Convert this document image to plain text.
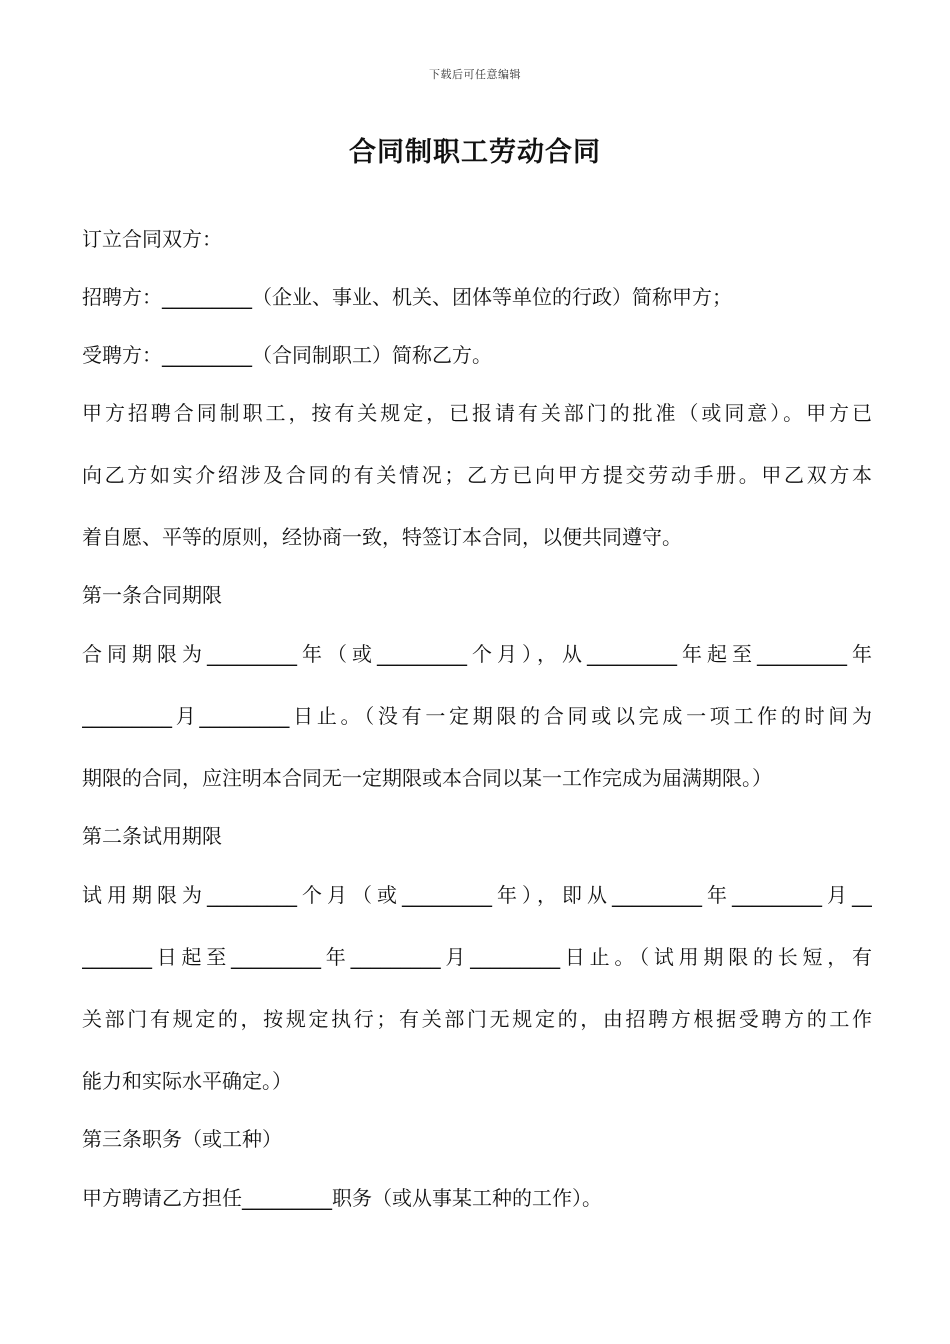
下载后可任意编辑
合同制职工劳动合同

订立合同双方：

招聘方：_________（企业、事业、机关、团体等单位的行政）简称甲方；

受聘方：_________（合同制职工）简称乙方。

甲方招聘合同制职工，按有关规定，已报请有关部门的批准（或同意）。甲方已

向乙方如实介绍涉及合同的有关情况；乙方已向甲方提交劳动手册。甲乙双方本

着自愿、平等的原则，经协商一致，特签订本合同，以便共同遵守。

第一条合同期限

合同期限为_________年（或_________个月），从_________年起至_________年

_________月_________日止。（没有一定期限的合同或以完成一项工作的时间为

期限的合同，应注明本合同无一定期限或本合同以某一工作完成为届满期限。）

第二条试用期限

试用期限为_________个月（或_________年），即从_________年_________月__

_______日起至_________年_________月_________日止。（试用期限的长短，有

关部门有规定的，按规定执行；有关部门无规定的，由招聘方根据受聘方的工作

能力和实际水平确定。）

第三条职务（或工种）

甲方聘请乙方担任_________职务（或从事某工种的工作）。
